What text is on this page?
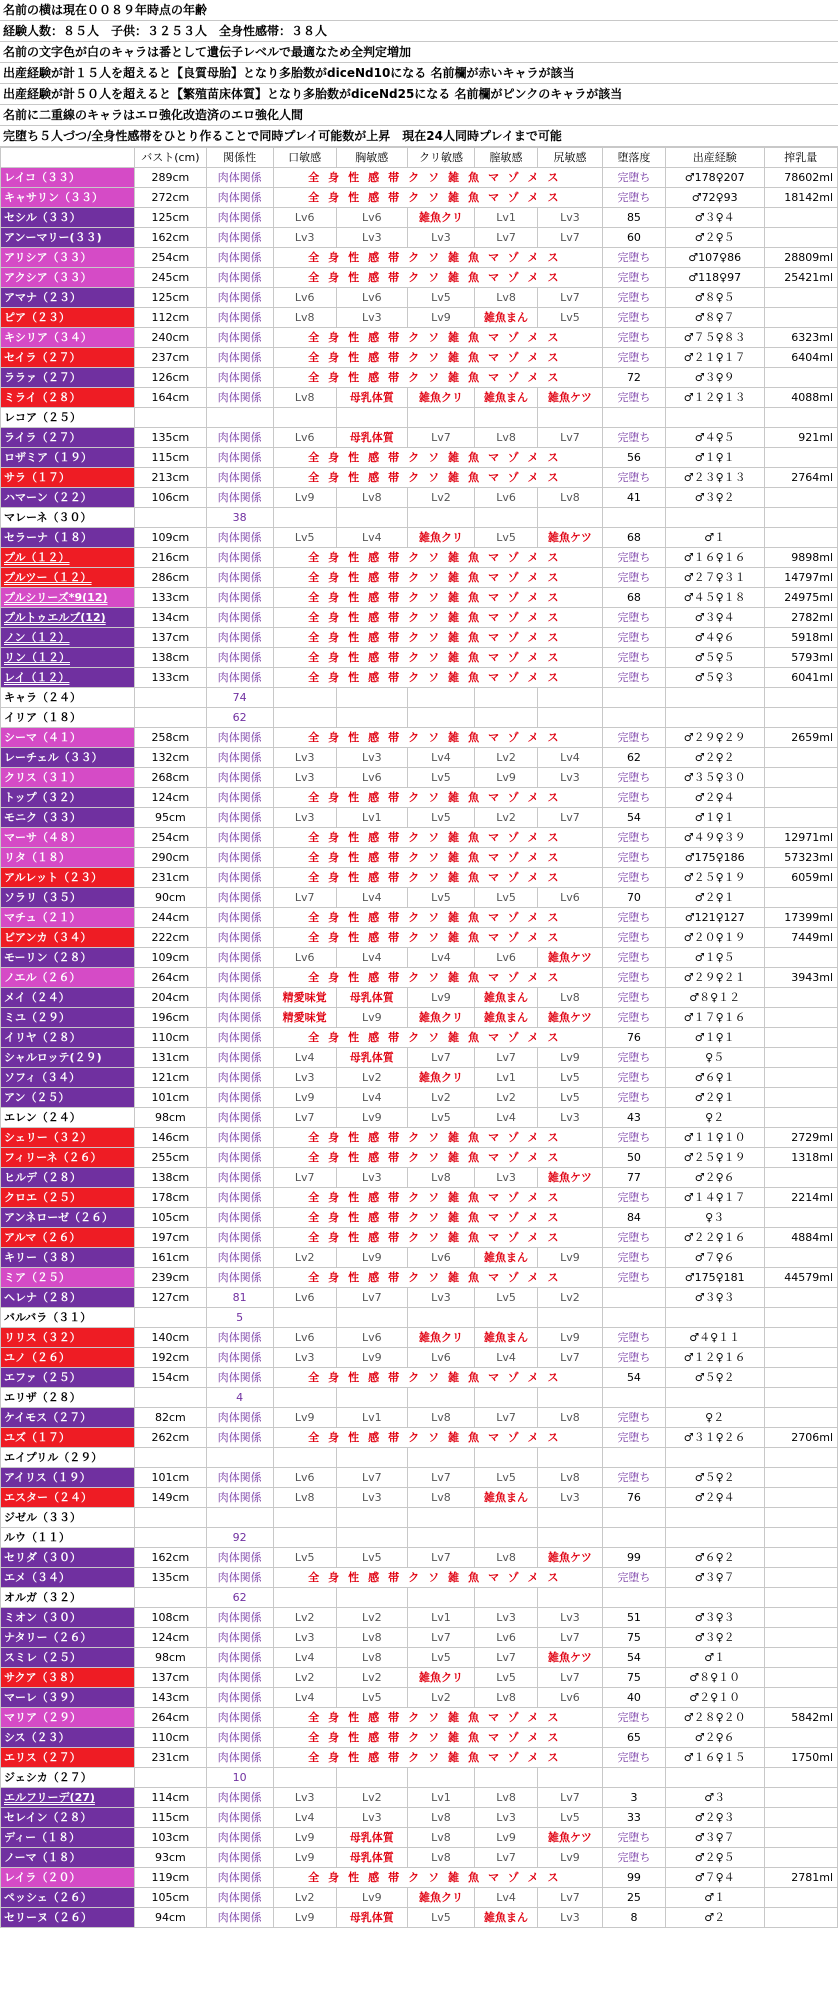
名前の横は現在００８９年時点の年齢
経験人数：８５人　子供：３２５３人　全身性感帯：３８人
名前の文字色が白のキャラは番として遺伝子レベルで最適なため全判定増加
出産経験が計１５人を超えると【良質母胎】となり多胎数がdiceNd10になる 名前欄が赤いキャラが該当
出産経験が計５０人を超えると【繁殖苗床体質】となり多胎数がdiceNd25になる 名前欄がピンクのキャラが該当
名前に二重線のキャラはエロ強化改造済のエロ強化人間
完堕ち５人づつ/全身性感帯をひとり作ることで同時プレイ可能数が上昇　現在24人同時プレイまで可能
	バスト(cm)	関係性	口敏感	胸敏感	クリ敏感	膣敏感	尻敏感	堕落度	出産経験	搾乳量
レイコ（３３）	289cm	肉体関係	全身性感帯クソ雑魚マゾメス					完堕ち	♂178♀207	78602ml
キャサリン（３３）	272cm	肉体関係	全身性感帯クソ雑魚マゾメス					完堕ち	♂72♀93	18142ml
セシル（３３）	125cm	肉体関係	Lv6	Lv6	雑魚クリ	Lv1	Lv3	85	♂３♀４	
アンーマリー(３３)	162cm	肉体関係	Lv3	Lv3	Lv3	Lv7	Lv7	60	♂２♀５	
アリシア（３３）	254cm	肉体関係	全身性感帯クソ雑魚マゾメス					完堕ち	♂107♀86	28809ml
アクシア（３３）	245cm	肉体関係	全身性感帯クソ雑魚マゾメス					完堕ち	♂118♀97	25421ml
アマナ（２３）	125cm	肉体関係	Lv6	Lv6	Lv5	Lv8	Lv7	完堕ち	♂８♀５	
ピア（２３）	112cm	肉体関係	Lv8	Lv3	Lv9	雑魚まん	Lv5	完堕ち	♂８♀７	
キシリア（３４）	240cm	肉体関係	全身性感帯クソ雑魚マゾメス					完堕ち	♂７５♀８３	6323ml
セイラ（２７）	237cm	肉体関係	全身性感帯クソ雑魚マゾメス					完堕ち	♂２１♀１７	6404ml
ララァ（２７）	126cm	肉体関係	全身性感帯クソ雑魚マゾメス					72	♂３♀９	
ミライ（２８）	164cm	肉体関係	Lv8	母乳体質	雑魚クリ	雑魚まん	雑魚ケツ	完堕ち	♂１２♀１３	4088ml
レコア（２５）										
ライラ（２７）	135cm	肉体関係	Lv6	母乳体質	Lv7	Lv8	Lv7	完堕ち	♂４♀５	921ml
ロザミア（１９）	115cm	肉体関係	全身性感帯クソ雑魚マゾメス					56	♂１♀１	
サラ（１７）	213cm	肉体関係	全身性感帯クソ雑魚マゾメス					完堕ち	♂２３♀１３	2764ml
ハマーン（２２）	106cm	肉体関係	Lv9	Lv8	Lv2	Lv6	Lv8	41	♂３♀２	
マレーネ（３０）		38								
セラーナ（１８）	109cm	肉体関係	Lv5	Lv4	雑魚クリ	Lv5	雑魚ケツ	68	♂１	
プル（１２）	216cm	肉体関係	全身性感帯クソ雑魚マゾメス					完堕ち	♂１６♀１６	9898ml
プルツー（１２）	286cm	肉体関係	全身性感帯クソ雑魚マゾメス					完堕ち	♂２７♀３１	14797ml
プルシリーズ*9(12)	133cm	肉体関係	全身性感帯クソ雑魚マゾメス					68	♂４５♀１８	24975ml
プルトゥエルブ(12)	134cm	肉体関係	全身性感帯クソ雑魚マゾメス					完堕ち	♂３♀４	2782ml
ノン（１２）	137cm	肉体関係	全身性感帯クソ雑魚マゾメス					完堕ち	♂４♀６	5918ml
リン（１２）	138cm	肉体関係	全身性感帯クソ雑魚マゾメス					完堕ち	♂５♀５	5793ml
レイ（１２）	133cm	肉体関係	全身性感帯クソ雑魚マゾメス					完堕ち	♂５♀３	6041ml
キャラ（２４）		74								
イリア（１８）		62								
シーマ（４１）	258cm	肉体関係	全身性感帯クソ雑魚マゾメス					完堕ち	♂２９♀２９	2659ml
レーチェル（３３）	132cm	肉体関係	Lv3	Lv3	Lv4	Lv2	Lv4	62	♂２♀２	
クリス（３１）	268cm	肉体関係	Lv3	Lv6	Lv5	Lv9	Lv3	完堕ち	♂３５♀３０	
トップ（３２）	124cm	肉体関係	全身性感帯クソ雑魚マゾメス					完堕ち	♂２♀４	
モニク（３３）	95cm	肉体関係	Lv3	Lv1	Lv5	Lv2	Lv7	54	♂１♀１	
マーサ（４８）	254cm	肉体関係	全身性感帯クソ雑魚マゾメス					完堕ち	♂４９♀３９	12971ml
リタ（１８）	290cm	肉体関係	全身性感帯クソ雑魚マゾメス					完堕ち	♂175♀186	57323ml
アルレット（２３）	231cm	肉体関係	全身性感帯クソ雑魚マゾメス					完堕ち	♂２５♀１９	6059ml
ソラリ（３５）	90cm	肉体関係	Lv7	Lv4	Lv5	Lv5	Lv6	70	♂２♀１	
マチュ（２１）	244cm	肉体関係	全身性感帯クソ雑魚マゾメス					完堕ち	♂121♀127	17399ml
ビアンカ（３４）	222cm	肉体関係	全身性感帯クソ雑魚マゾメス					完堕ち	♂２０♀１９	7449ml
モーリン（２８）	109cm	肉体関係	Lv6	Lv4	Lv4	Lv6	雑魚ケツ	完堕ち	♂１♀５	
ノエル（２６）	264cm	肉体関係	全身性感帯クソ雑魚マゾメス					完堕ち	♂２９♀２１	3943ml
メイ（２４）	204cm	肉体関係	精愛味覚	母乳体質	Lv9	雑魚まん	Lv8	完堕ち	♂８♀１２	
ミユ（２９）	196cm	肉体関係	精愛味覚	Lv9	雑魚クリ	雑魚まん	雑魚ケツ	完堕ち	♂１７♀１６	
イリヤ（２８）	110cm	肉体関係	全身性感帯クソ雑魚マゾメス					76	♂１♀１	
シャルロッテ(２９)	131cm	肉体関係	Lv4	母乳体質	Lv7	Lv7	Lv9	完堕ち	♀５	
ソフィ（３４）	121cm	肉体関係	Lv3	Lv2	雑魚クリ	Lv1	Lv5	完堕ち	♂６♀１	
アン（２５）	101cm	肉体関係	Lv9	Lv4	Lv2	Lv2	Lv5	完堕ち	♂２♀１	
エレン（２４）	98cm	肉体関係	Lv7	Lv9	Lv5	Lv4	Lv3	43	♀２	
シェリー（３２）	146cm	肉体関係	全身性感帯クソ雑魚マゾメス					完堕ち	♂１１♀１０	2729ml
フィリーネ（２６）	255cm	肉体関係	全身性感帯クソ雑魚マゾメス					50	♂２５♀１９	1318ml
ヒルデ（２８）	138cm	肉体関係	Lv7	Lv3	Lv8	Lv3	雑魚ケツ	77	♂２♀６	
クロエ（２５）	178cm	肉体関係	全身性感帯クソ雑魚マゾメス					完堕ち	♂１４♀１７	2214ml
アンネローゼ（２６）	105cm	肉体関係	全身性感帯クソ雑魚マゾメス					84	♀３	
アルマ（２６）	197cm	肉体関係	全身性感帯クソ雑魚マゾメス					完堕ち	♂２２♀１６	4884ml
キリー（３８）	161cm	肉体関係	Lv2	Lv9	Lv6	雑魚まん	Lv9	完堕ち	♂７♀６	
ミア（２５）	239cm	肉体関係	全身性感帯クソ雑魚マゾメス					完堕ち	♂175♀181	44579ml
ヘレナ（２８）	127cm	81	Lv6	Lv7	Lv3	Lv5	Lv2		♂３♀３	
バルバラ（３１）		5								
リリス（３２）	140cm	肉体関係	Lv6	Lv6	雑魚クリ	雑魚まん	Lv9	完堕ち	♂４♀１１	
ユノ（２６）	192cm	肉体関係	Lv3	Lv9	Lv6	Lv4	Lv7	完堕ち	♂１２♀１６	
エファ（２５）	154cm	肉体関係	全身性感帯クソ雑魚マゾメス					54	♂５♀２	
エリザ（２８）		4								
ケイモス（２７）	82cm	肉体関係	Lv9	Lv1	Lv8	Lv7	Lv8	完堕ち	♀２	
ユズ（１７）	262cm	肉体関係	全身性感帯クソ雑魚マゾメス					完堕ち	♂３１♀２６	2706ml
エイプリル（２９）										
アイリス（１９）	101cm	肉体関係	Lv6	Lv7	Lv7	Lv5	Lv8	完堕ち	♂５♀２	
エスター（２４）	149cm	肉体関係	Lv8	Lv3	Lv8	雑魚まん	Lv3	76	♂２♀４	
ジゼル（３３）										
ルウ（１１）		92								
セリダ（３０）	162cm	肉体関係	Lv5	Lv5	Lv7	Lv8	雑魚ケツ	99	♂６♀２	
エメ（３４）	135cm	肉体関係	全身性感帯クソ雑魚マゾメス					完堕ち	♂３♀７	
オルガ（３２）		62								
ミオン（３０）	108cm	肉体関係	Lv2	Lv2	Lv1	Lv3	Lv3	51	♂３♀３	
ナタリー（２６）	124cm	肉体関係	Lv3	Lv8	Lv7	Lv6	Lv7	75	♂３♀２	
スミレ（２５）	98cm	肉体関係	Lv4	Lv8	Lv5	Lv7	雑魚ケツ	54	♂１	
サクア（３８）	137cm	肉体関係	Lv2	Lv2	雑魚クリ	Lv5	Lv7	75	♂８♀１０	
マーレ（３９）	143cm	肉体関係	Lv4	Lv5	Lv2	Lv8	Lv6	40	♂２♀１０	
マリア（２９）	264cm	肉体関係	全身性感帯クソ雑魚マゾメス					完堕ち	♂２８♀２０	5842ml
シス（２３）	110cm	肉体関係	全身性感帯クソ雑魚マゾメス					65	♂２♀６	
エリス（２７）	231cm	肉体関係	全身性感帯クソ雑魚マゾメス					完堕ち	♂１６♀１５	1750ml
ジェシカ（２７）		10								
エルフリーデ(27)	114cm	肉体関係	Lv3	Lv2	Lv1	Lv8	Lv7	3	♂３	
セレイン（２８）	115cm	肉体関係	Lv4	Lv3	Lv8	Lv3	Lv5	33	♂２♀３	
ディー（１８）	103cm	肉体関係	Lv9	母乳体質	Lv8	Lv9	雑魚ケツ	完堕ち	♂３♀７	
ノーマ（１８）	93cm	肉体関係	Lv9	母乳体質	Lv8	Lv7	Lv9	完堕ち	♂２♀５	
レイラ（２０）	119cm	肉体関係	全身性感帯クソ雑魚マゾメス					99	♂７♀４	2781ml
ペッシェ（２６）	105cm	肉体関係	Lv2	Lv9	雑魚クリ	Lv4	Lv7	25	♂１	
セリーヌ（２６）	94cm	肉体関係	Lv9	母乳体質	Lv5	雑魚まん	Lv3	8	♂２	
